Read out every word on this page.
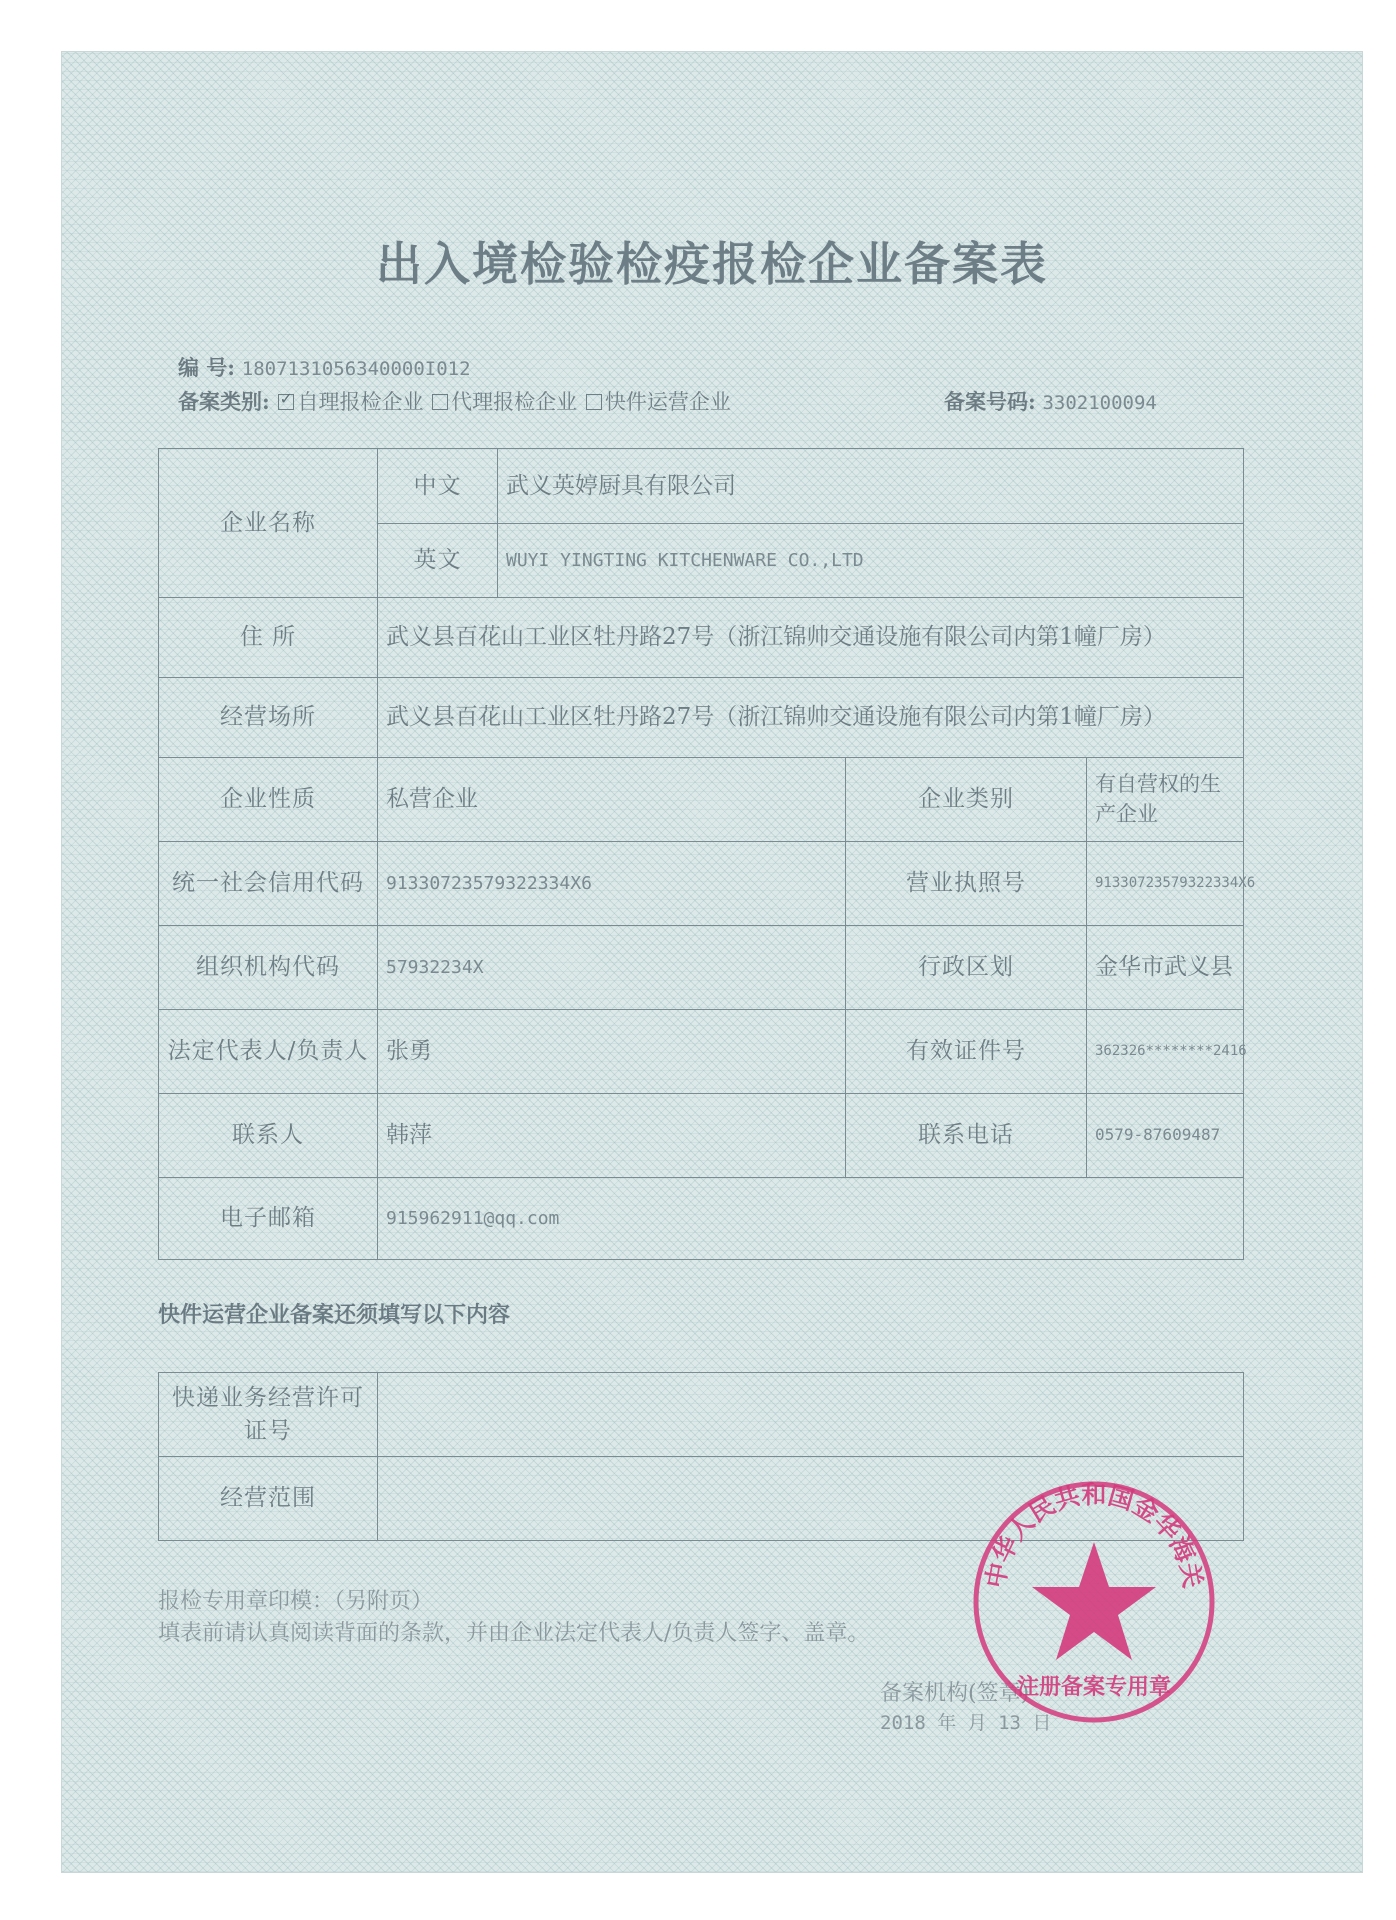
出入境检验检疫报检企业备案表
编 号: 1807131056340000I012
备案类别: ✓ 自理报检企业 代理报检企业 快件运营企业	备案号码: 3302100094
企业名称	中文	武义英婷厨具有限公司		
	英文	WUYI YINGTING KITCHENWARE CO.,LTD		
住 所	武义县百花山工业区牡丹路27号（浙江锦帅交通设施有限公司内第1幢厂房）			
经营场所	武义县百花山工业区牡丹路27号（浙江锦帅交通设施有限公司内第1幢厂房）			
企业性质	私营企业		企业类别	有自营权的生产企业
统一社会信用代码	91330723579322334X6		营业执照号	91330723579322334X6
组织机构代码	57932234X		行政区划	金华市武义县
法定代表人/负责人	张勇		有效证件号	362326********2416
联系人	韩萍		联系电话	0579-87609487
电子邮箱	915962911@qq.com			
快件运营企业备案还须填写以下内容
快递业务经营许可证号	
经营范围	
报检专用章印模：（另附页）
填表前请认真阅读背面的条款，并由企业法定代表人/负责人签字、盖章。
备案机构(签章)
2018 年 月 13 日
中华人民共和国金华海关
注册备案专用章
